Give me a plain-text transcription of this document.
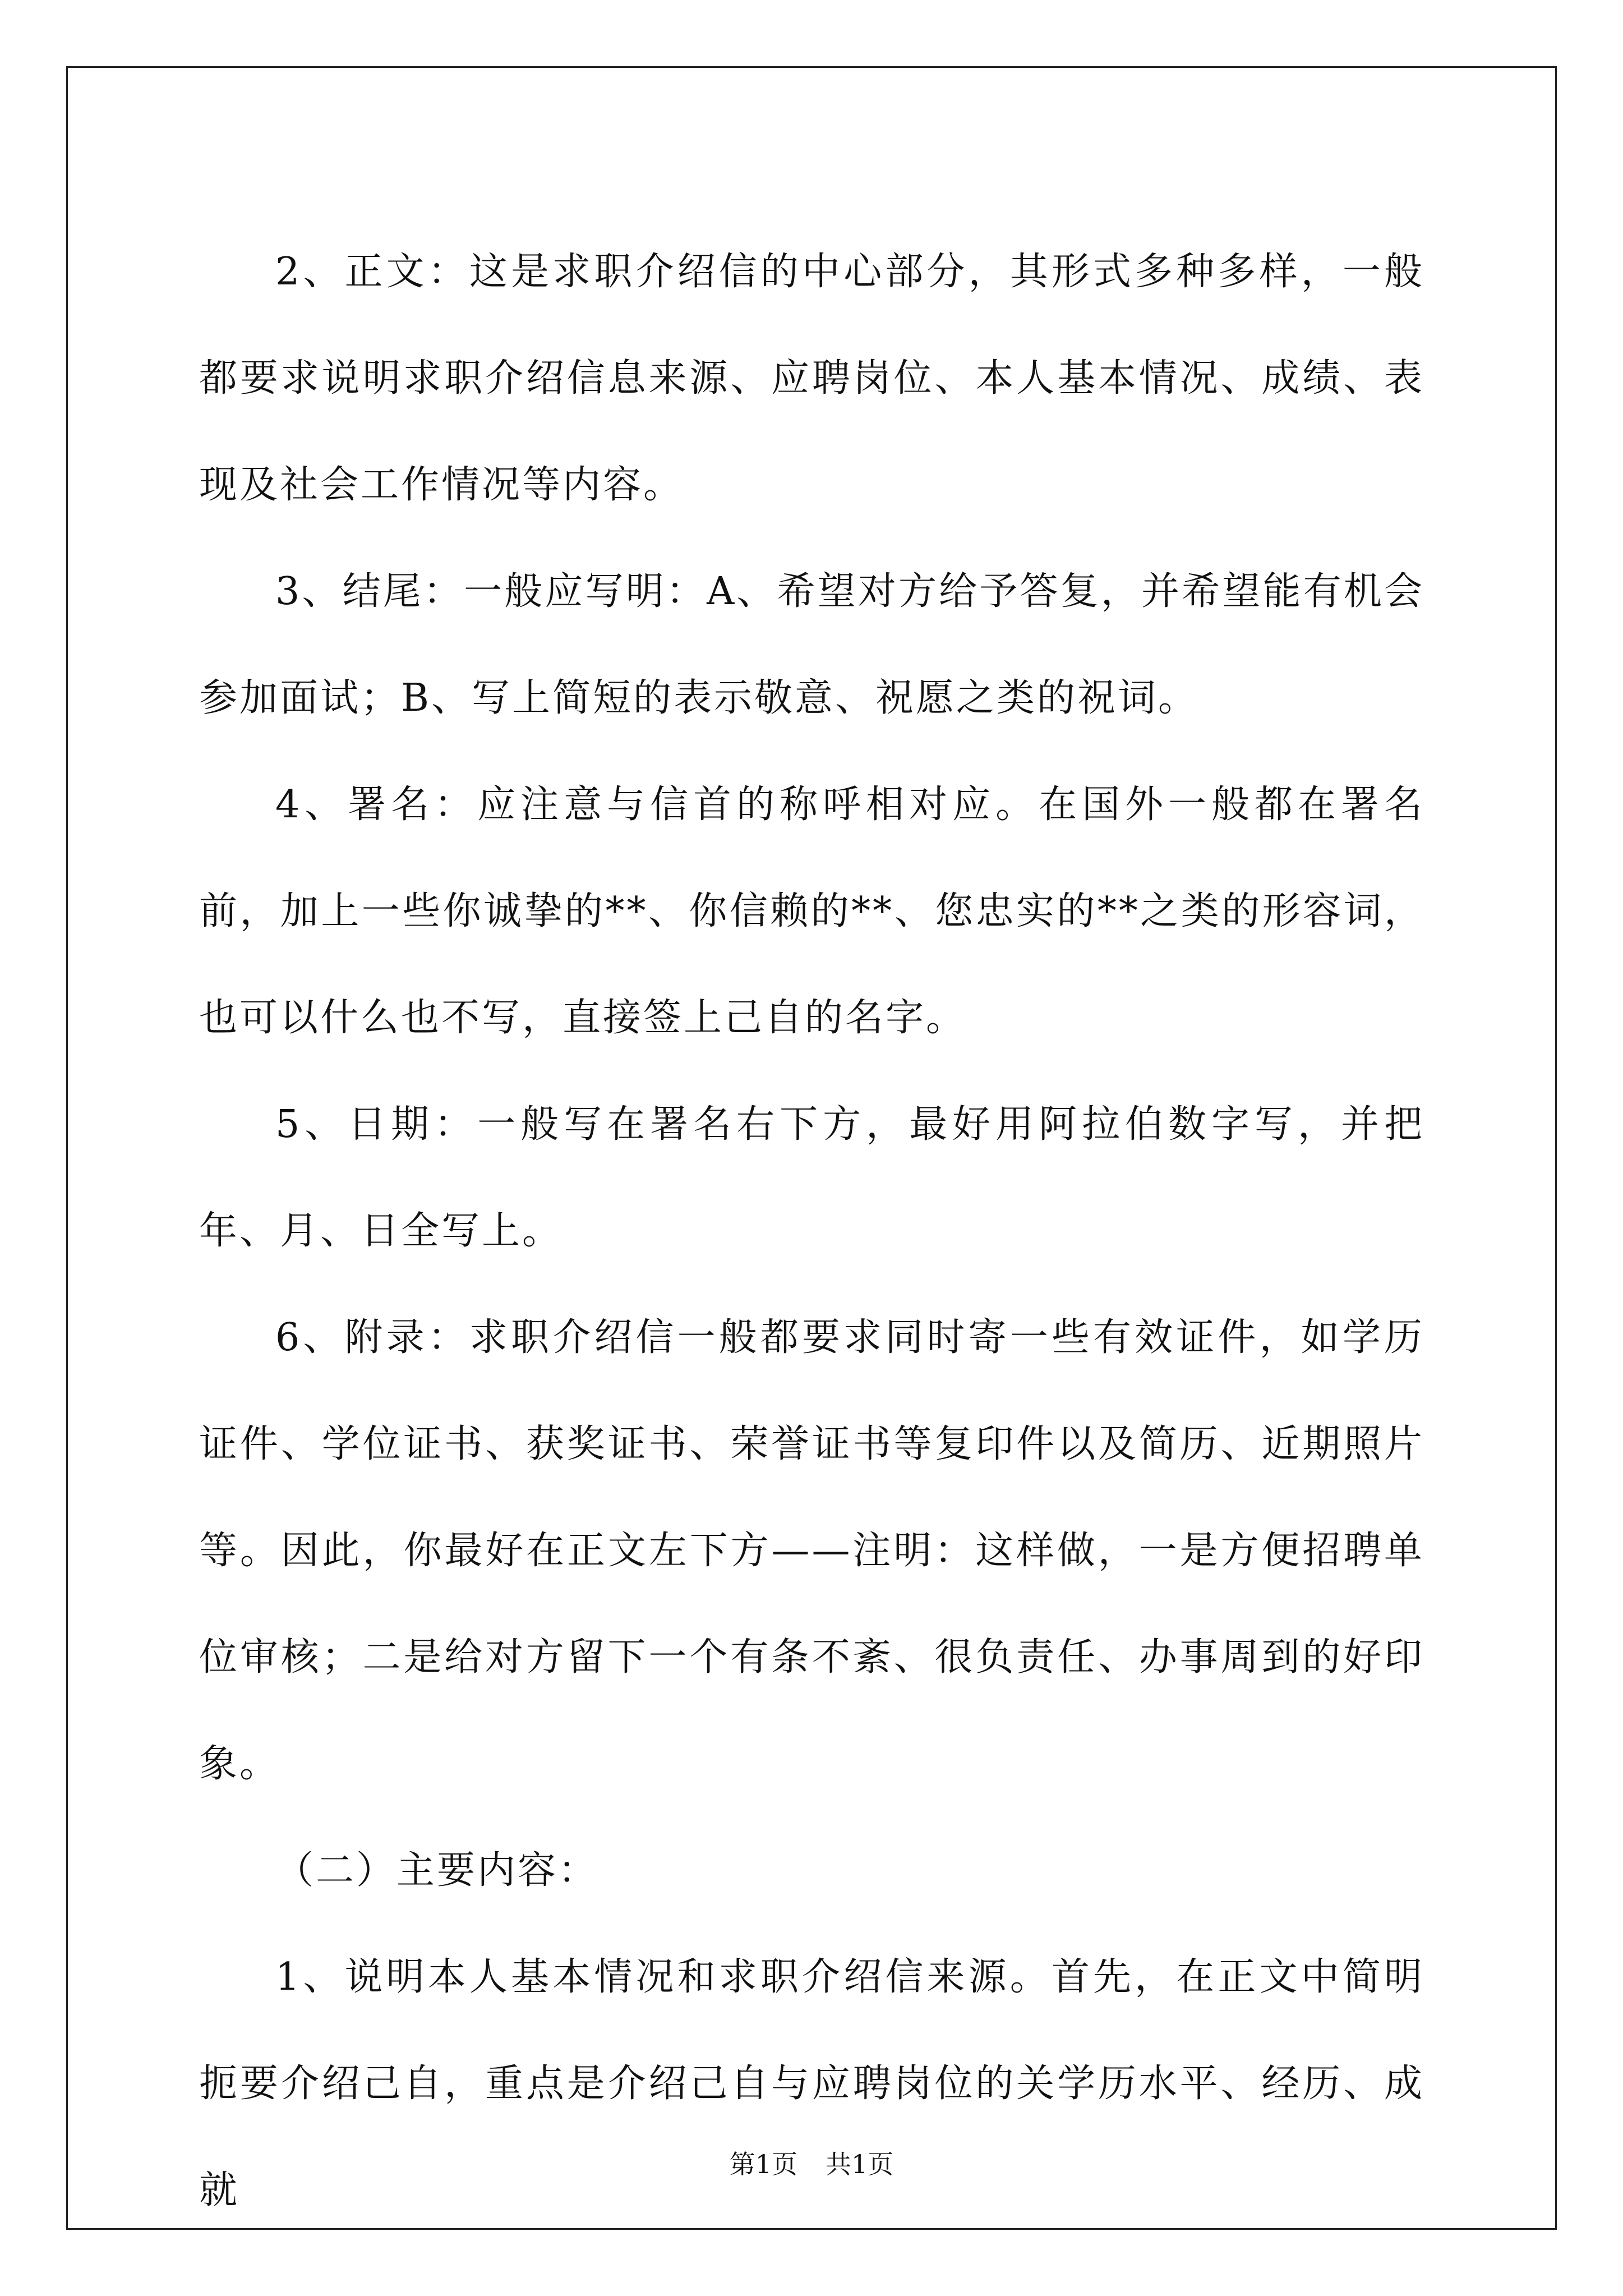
2、正文：这是求职介绍信的中心部分，其形式多种多样，一般都要求说明求职介绍信息来源、应聘岗位、本人基本情况、成绩、表现及社会工作情况等内容。

3、结尾：一般应写明：A、希望对方给予答复，并希望能有机会参加面试；B、写上简短的表示敬意、祝愿之类的祝词。

4、署名：应注意与信首的称呼相对应。在国外一般都在署名前，加上一些你诚挚的**、你信赖的**、您忠实的**之类的形容词，也可以什么也不写，直接签上己自的名字。

5、日期：一般写在署名右下方，最好用阿拉伯数字写，并把年、月、日全写上。

6、附录：求职介绍信一般都要求同时寄一些有效证件，如学历证件、学位证书、获奖证书、荣誉证书等复印件以及简历、近期照片等。因此，你最好在正文左下方——注明：这样做，一是方便招聘单位审核；二是给对方留下一个有条不紊、很负责任、办事周到的好印象。

（二）主要内容：

1、说明本人基本情况和求职介绍信来源。首先，在正文中简明扼要介绍己自，重点是介绍己自与应聘岗位的关学历水平、经历、成就

第1页 共1页
